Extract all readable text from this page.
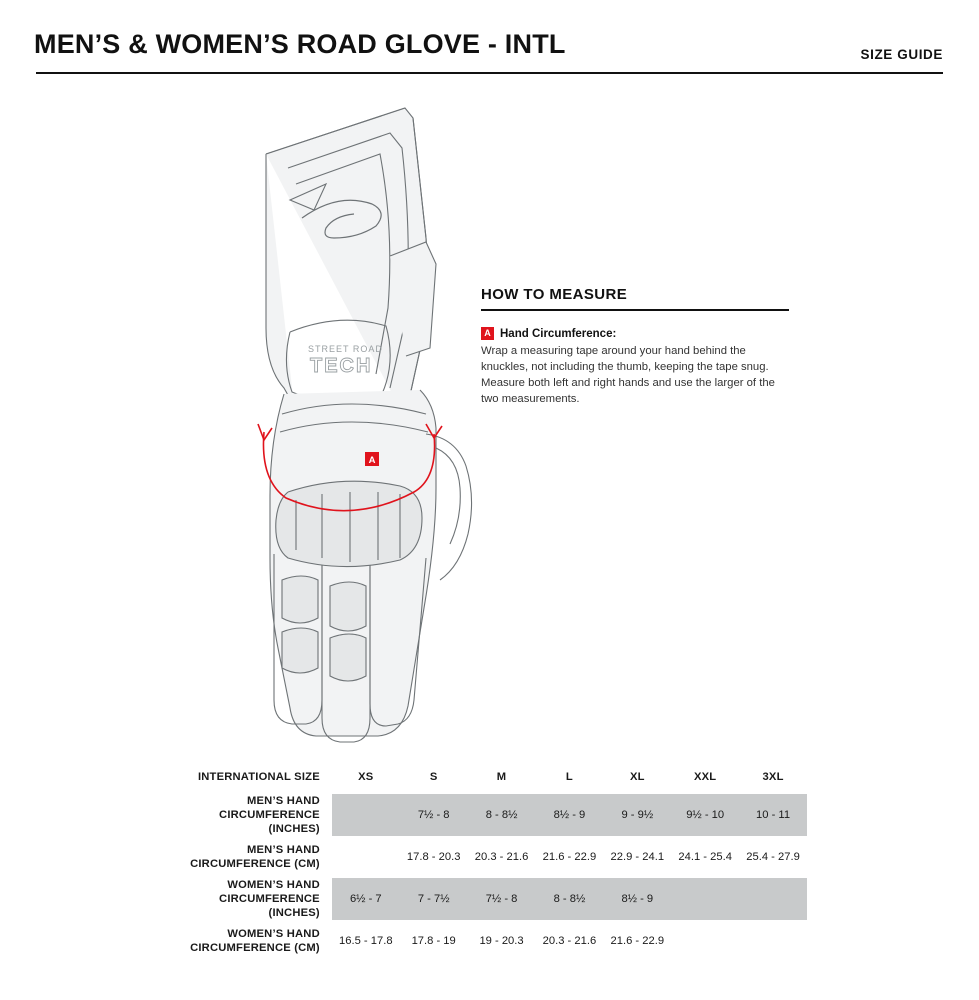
MEN’S & WOMEN’S ROAD GLOVE - INTL	SIZE GUIDE
STREET ROAD
TECH
A
HOW TO MEASURE
A Hand Circumference:
Wrap a measuring tape around your hand behind the knuckles, not including the thumb, keeping the tape snug. Measure both left and right hands and use the larger of the two measurements.
INTERNATIONAL SIZE	XS	S	M	L	XL	XXL	3XL
MEN’S HAND
CIRCUMFERENCE (INCHES)		7½ - 8	8 - 8½	8½ - 9	9 - 9½	9½ - 10	10 - 11
MEN’S HAND
CIRCUMFERENCE (CM)		17.8 - 20.3	20.3 - 21.6	21.6 - 22.9	22.9 - 24.1	24.1 - 25.4	25.4 - 27.9
WOMEN’S HAND
CIRCUMFERENCE (INCHES)	6½ - 7	7 - 7½	7½ - 8	8 - 8½	8½ - 9		
WOMEN’S HAND
CIRCUMFERENCE (CM)	16.5 - 17.8	17.8 - 19	19 - 20.3	20.3 - 21.6	21.6 - 22.9		
